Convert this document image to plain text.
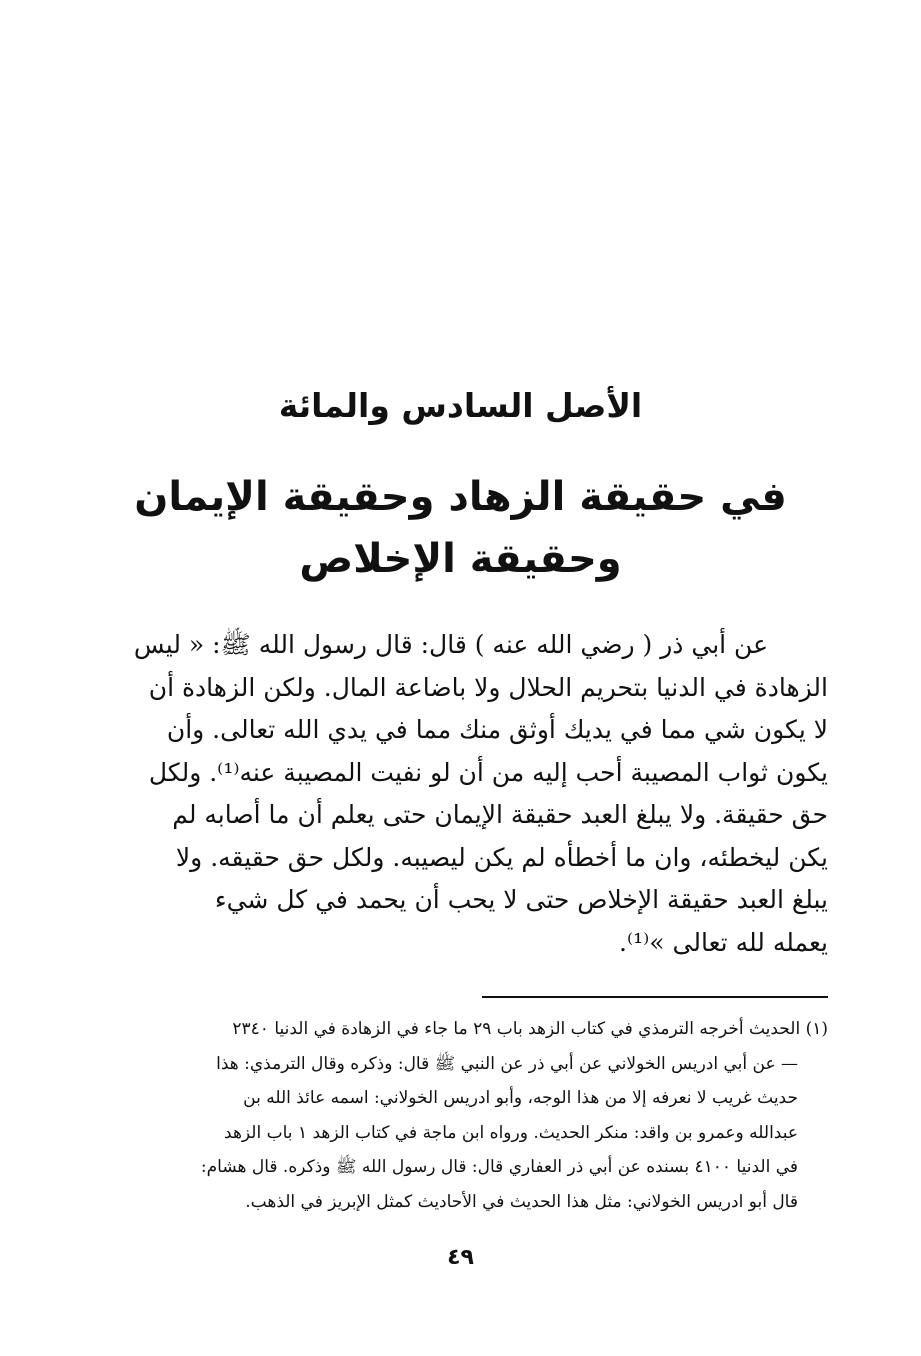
الأصل السادس والمائة
في حقيقة الزهاد وحقيقة الإيمان
وحقيقة الإخلاص
عن أبي ذر ( رضي الله عنه ) قال: قال رسول الله ﷺ: « ليس
الزهادة في الدنيا بتحريم الحلال ولا باضاعة المال. ولكن الزهادة أن
لا يكون شي مما في يديك أوثق منك مما في يدي الله تعالى. وأن
يكون ثواب المصيبة أحب إليه من أن لو نفيت المصيبة عنه⁽¹⁾. ولكل
حق حقيقة. ولا يبلغ العبد حقيقة الإيمان حتى يعلم أن ما أصابه لم
يكن ليخطئه، وان ما أخطأه لم يكن ليصيبه. ولكل حق حقيقه. ولا
يبلغ العبد حقيقة الإخلاص حتى لا يحب أن يحمد في كل شيء
يعمله لله تعالى »⁽¹⁾.
(١) الحديث أخرجه الترمذي في كتاب الزهد باب ٢٩ ما جاء في الزهادة في الدنيا ٢٣٤٠
— عن أبي ادريس الخولاني عن أبي ذر عن النبي ﷺ قال: وذكره وقال الترمذي: هذا
حديث غريب لا نعرفه إلا من هذا الوجه، وأبو ادريس الخولاني: اسمه عائذ الله بن
عبدالله وعمرو بن واقد: منكر الحديث. ورواه ابن ماجة في كتاب الزهد ١ باب الزهد
في الدنيا ٤١٠٠ بسنده عن أبي ذر العفاري قال: قال رسول الله ﷺ وذكره. قال هشام:
قال أبو ادريس الخولاني: مثل هذا الحديث في الأحاديث كمثل الإبريز في الذهب.
٤٩
